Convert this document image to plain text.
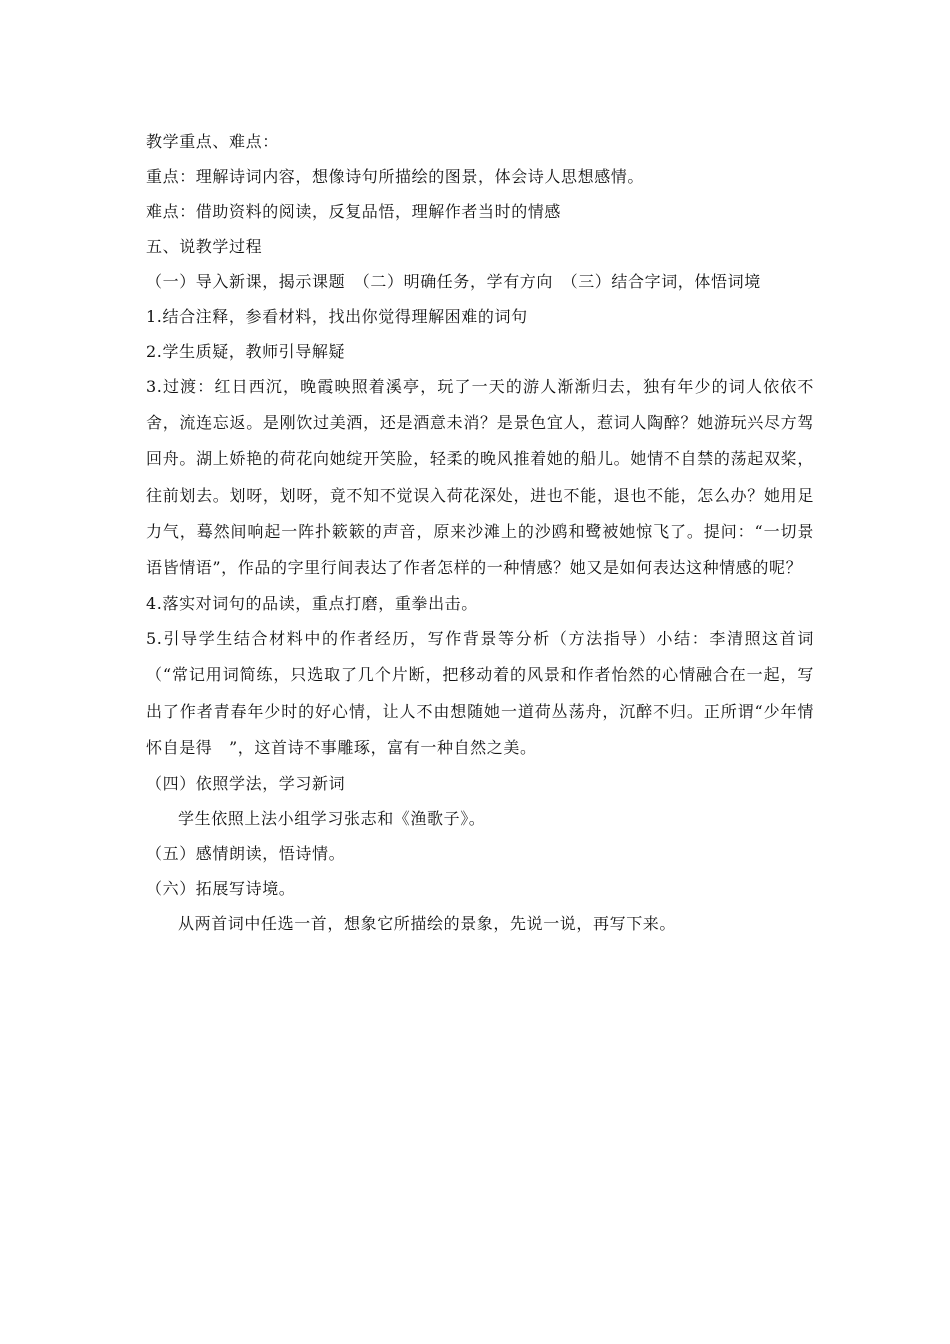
教学重点、难点：
重点：理解诗词内容，想像诗句所描绘的图景，体会诗人思想感情。
难点：借助资料的阅读，反复品悟，理解作者当时的情感
五、说教学过程
（一）导入新课，揭示课题　（二）明确任务，学有方向　（三）结合字词，体悟词境
1.结合注释，参看材料，找出你觉得理解困难的词句
2.学生质疑，教师引导解疑
3.过渡：红日西沉，晚霞映照着溪亭，玩了一天的游人渐渐归去，独有年少的词人依依不舍，流连忘返。是刚饮过美酒，还是酒意未消？是景色宜人，惹词人陶醉？她游玩兴尽方驾回舟。湖上娇艳的荷花向她绽开笑脸，轻柔的晚风推着她的船儿。她情不自禁的荡起双桨，往前划去。划呀，划呀，竟不知不觉误入荷花深处，进也不能，退也不能，怎么办？她用足力气，蓦然间响起一阵扑簌簌的声音，原来沙滩上的沙鸥和鹭被她惊飞了。提问：“一切景语皆情语”，作品的字里行间表达了作者怎样的一种情感？她又是如何表达这种情感的呢？
4.落实对词句的品读，重点打磨，重拳出击。
5.引导学生结合材料中的作者经历，写作背景等分析（方法指导）小结：李清照这首词（“常记用词简练，只选取了几个片断，把移动着的风景和作者怡然的心情融合在一起，写出了作者青春年少时的好心情，让人不由想随她一道荷丛荡舟，沉醉不归。正所谓“少年情怀自是得　”，这首诗不事雕琢，富有一种自然之美。
（四）依照学法，学习新词
学生依照上法小组学习张志和《渔歌子》。
（五）感情朗读，悟诗情。
（六）拓展写诗境。
从两首词中任选一首，想象它所描绘的景象，先说一说，再写下来。
